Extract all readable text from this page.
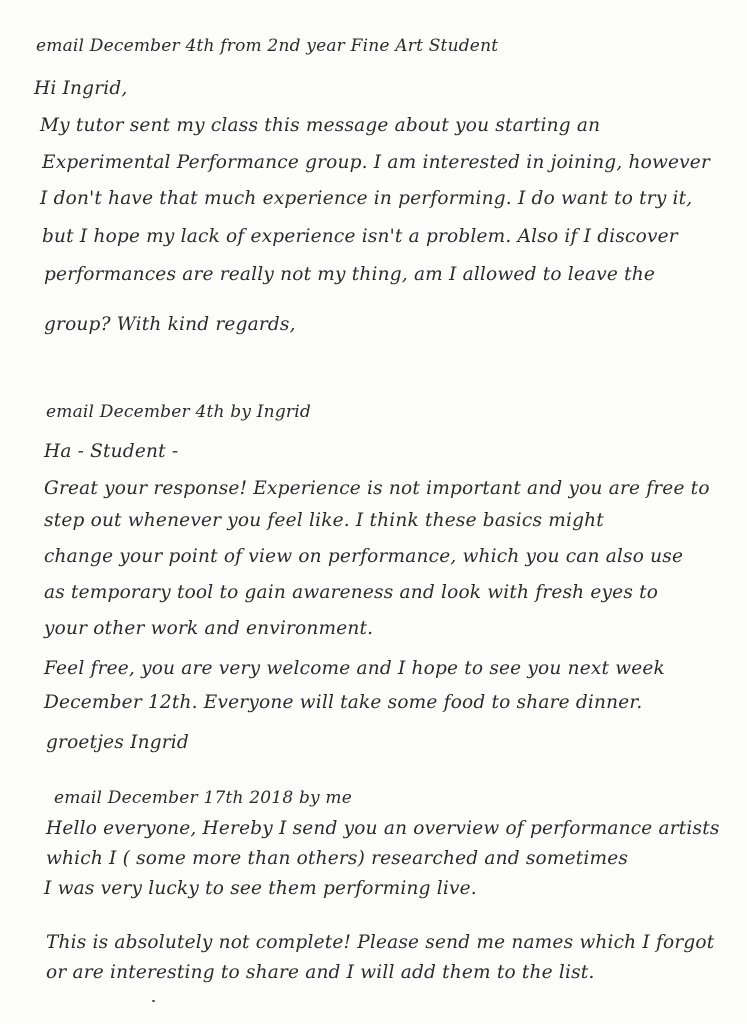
email December 4th from 2nd year Fine Art Student
Hi Ingrid,
My tutor sent my class this message about you starting an
Experimental Performance group. I am interested in joining, however
I don't have that much experience in performing. I do want to try it,
but I hope my lack of experience isn't a problem. Also if I discover
performances are really not my thing, am I allowed to leave the
group? With kind regards,
email December 4th by Ingrid
Ha - Student -
Great your response! Experience is not important and you are free to
step out whenever you feel like. I think these basics might
change your point of view on performance, which you can also use
as temporary tool to gain awareness and look with fresh eyes to
your other work and environment.
Feel free, you are very welcome and I hope to see you next week
December 12th. Everyone will take some food to share dinner.
groetjes Ingrid
email December 17th 2018 by me
Hello everyone, Hereby I send you an overview of performance artists
which I ( some more than others) researched and sometimes
I was very lucky to see them performing live.
This is absolutely not complete! Please send me names which I forgot
or are interesting to share and I will add them to the list.
